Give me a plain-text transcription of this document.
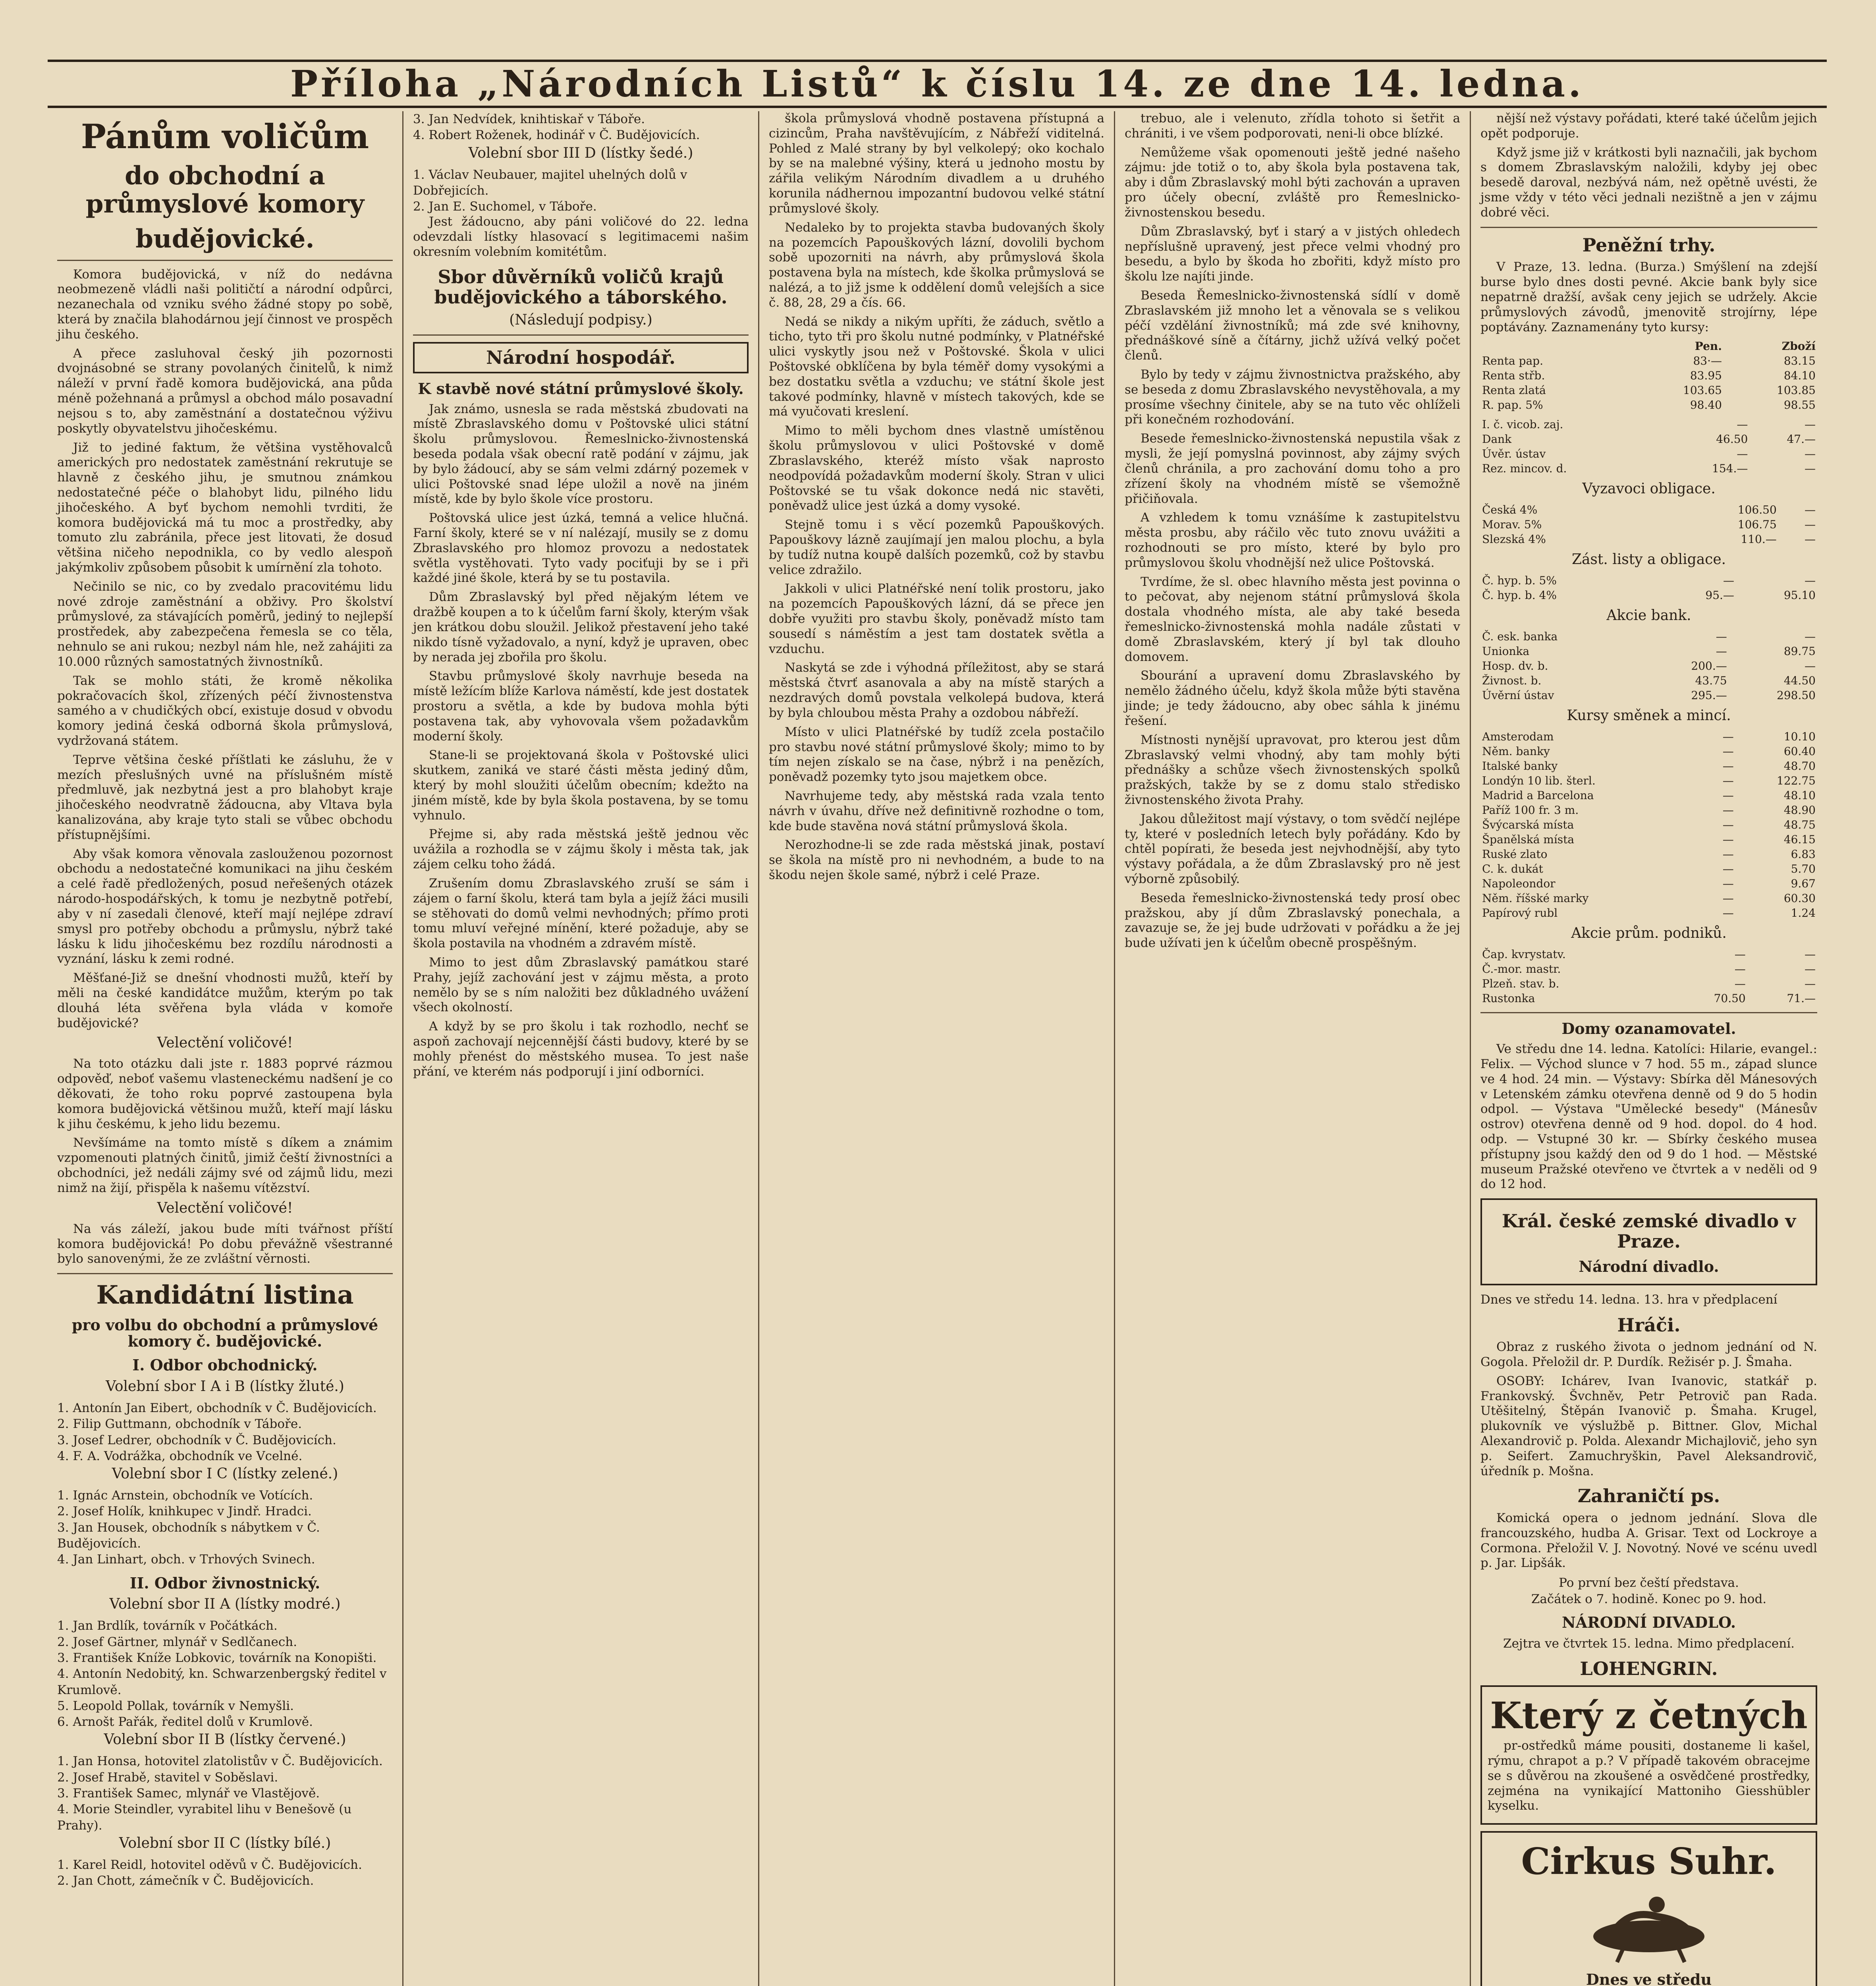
Příloha „Národních Listů“ k číslu 14. ze dne 14. ledna.
Pánům voličům
do obchodní a průmyslové komory
budějovické.

Komora budějovická, v níž do nedávna neobmezeně vládli naši političtí a národní odpůrci, nezanechala od vzniku svého žádné stopy po sobě, která by značila blahodárnou její činnost ve prospěch jihu českého.

A přece zasluhoval český jih pozornosti dvojnásobné se strany povolaných činitelů, k nimž náleží v první řadě komora budějovická, ana půda méně požehnaná a průmysl a obchod málo posavadní nejsou s to, aby zaměstnání a dostatečnou výživu poskytly obyvatelstvu jihočeskému.

Již to jediné faktum, že většina vystěhovalců amerických pro nedostatek zaměstnání rekrutuje se hlavně z českého jihu, je smutnou známkou nedostatečné péče o blahobyt lidu, pilného lidu jihočeského. A byť bychom nemohli tvrditi, že komora budějovická má tu moc a prostředky, aby tomuto zlu zabránila, přece jest litovati, že dosud většina ničeho nepodnikla, co by vedlo alespoň jakýmkoliv způsobem působit k umírnění zla tohoto.

Nečinilo se nic, co by zvedalo pracovitému lidu nové zdroje zaměstnání a obživy. Pro školství průmyslové, za stávajících poměrů, jediný to nejlepší prostředek, aby zabezpečena řemesla se co těla, nehnulo se ani rukou; nezbyl nám hle, než zahájiti za 10.000 různých samostatných živnostníků.

Tak se mohlo státi, že kromě několika pokračovacích škol, zřízených péčí živnostenstva samého a v chudičkých obcí, existuje dosud v obvodu komory jediná česká odborná škola průmyslová, vydržovaná státem.

Teprve většina české příštlati ke zásluhu, že v mezích přeslušných uvné na příslušném místě předmluvě, jak nezbytná jest a pro blahobyt kraje jihočeského neodvratně žádoucna, aby Vltava byla kanalizována, aby kraje tyto stali se vůbec obchodu přístupnějšími.

Aby však komora věnovala zaslouženou pozornost obchodu a nedostatečné komunikaci na jihu českém a celé řadě předložených, posud neřešených otázek národo-hospodářských, k tomu je nezbytně potřebí, aby v ní zasedali členové, kteří mají nejlépe zdraví smysl pro potřeby obchodu a průmyslu, nýbrž také lásku k lidu jihočeskému bez rozdílu národnosti a vyznání, lásku k zemi rodné.

Měšťané-Již se dnešní vhodnosti mužů, kteří by měli na české kandidátce mužům, kterým po tak dlouhá léta svěřena byla vláda v komoře budějovické?

Velectění voličové!

Na toto otázku dali jste r. 1883 poprvé rázmou odpověď, neboť vašemu vlasteneckému nadšení je co děkovati, že toho roku poprvé zastoupena byla komora budějovická většinou mužů, kteří mají lásku k jihu českému, k jeho lidu bezemu.

Nevšímáme na tomto místě s díkem a známim vzpomenouti platných činitů, jimiž čeští živnostníci a obchodníci, jež nedáli zájmy své od zájmů lidu, mezi nimž na žijí, přispěla k našemu vítězství.

Velectění voličové!

Na vás záleží, jakou bude míti tvářnost příští komora budějovická! Po dobu převážně všestranné bylo sanovenými, že ze zvláštní věrnosti.

Kandidátní listina
pro volbu do obchodní a průmyslové komory č. budějovické.
I. Odbor obchodnický.
Volební sbor I A i B (lístky žluté.)

1. Antonín Jan Eibert, obchodník v Č. Budějovicích.

2. Filip Guttmann, obchodník v Táboře.

3. Josef Ledrer, obchodník v Č. Budějovicích.

4. F. A. Vodrážka, obchodník ve Vcelné.

Volební sbor I C (lístky zelené.)

1. Ignác Arnstein, obchodník ve Votících.

2. Josef Holík, knihkupec v Jindř. Hradci.

3. Jan Housek, obchodník s nábytkem v Č. Budějovicích.

4. Jan Linhart, obch. v Trhových Svinech.

II. Odbor živnostnický.
Volební sbor II A (lístky modré.)

1. Jan Brdlík, továrník v Počátkách.

2. Josef Gärtner, mlynář v Sedlčanech.

3. František Kníže Lobkovic, továrník na Konopišti.

4. Antonín Nedobitý, kn. Schwarzenbergský ředitel v Krumlově.

5. Leopold Pollak, továrník v Nemyšli.

6. Arnošt Pařák, ředitel dolů v Krumlově.

Volební sbor II B (lístky červené.)

1. Jan Honsa, hotovitel zlatolistův v Č. Budějovicích.

2. Josef Hrabě, stavitel v Soběslavi.

3. František Samec, mlynář ve Vlastějově.

4. Morie Steindler, vyrabitel lihu v Benešově (u Prahy).

Volební sbor II C (lístky bílé.)

1. Karel Reidl, hotovitel oděvů v Č. Budějovicích.

2. Jan Chott, zámečník v Č. Budějovicích.

3. Jan Nedvídek, knihtiskař v Táboře.

4. Robert Roženek, hodinář v Č. Budějovicích.

Volební sbor III D (lístky šedé.)

1. Václav Neubauer, majitel uhelných dolů v Dobřejicích.

2. Jan E. Suchomel, v Táboře.

Jest žádoucno, aby páni voličové do 22. ledna odevzdali lístky hlasovací s legitimacemi našim okresním volebním komitétům.

Sbor důvěrníků voličů krajů budějovického a táborského.
(Následují podpisy.)
Národní hospodář.
K stavbě nové státní průmyslové školy.

Jak známo, usnesla se rada městská zbudovati na místě Zbraslavského domu v Poštovské ulici státní školu průmyslovou. Řemeslnicko-živnostenská beseda podala však obecní ratě podání v zájmu, jak by bylo žádoucí, aby se sám velmi zdárný pozemek v ulici Poštovské snad lépe uložil a nově na jiném místě, kde by bylo škole více prostoru.

Poštovská ulice jest úzká, temná a velice hlučná. Farní školy, které se v ní nalézají, musily se z domu Zbraslavského pro hlomoz provozu a nedostatek světla vystěhovati. Tyto vady pociťuji by se i při každé jiné škole, která by se tu postavila.

Dům Zbraslavský byl před nějakým létem ve dražbě koupen a to k účelům farní školy, kterým však jen krátkou dobu sloužil. Jelikož přestavení jeho také nikdo tísně vyžadovalo, a nyní, když je upraven, obec by nerada jej zbořila pro školu.

Stavbu průmyslové školy navrhuje beseda na místě ležícím blíže Karlova náměstí, kde jest dostatek prostoru a světla, a kde by budova mohla býti postavena tak, aby vyhovovala všem požadavkům moderní školy.

Stane-li se projektovaná škola v Poštovské ulici skutkem, zaniká ve staré části města jediný dům, který by mohl sloužiti účelům obecním; kdežto na jiném místě, kde by byla škola postavena, by se tomu vyhnulo.

Přejme si, aby rada městská ještě jednou věc uvážila a rozhodla se v zájmu školy i města tak, jak zájem celku toho žádá.

Zrušením domu Zbraslavského zruší se sám i zájem o farní školu, která tam byla a jejíž žáci musili se stěhovati do domů velmi nevhodných; přímo proti tomu mluví veřejné mínění, které požaduje, aby se škola postavila na vhodném a zdravém místě.

Mimo to jest dům Zbraslavský památkou staré Prahy, jejíž zachování jest v zájmu města, a proto nemělo by se s ním naložiti bez důkladného uvážení všech okolností.

A když by se pro školu i tak rozhodlo, nechť se aspoň zachovají nejcennější části budovy, které by se mohly přenést do městského musea. To jest naše přání, ve kterém nás podporují i jiní odborníci.

škola průmyslová vhodně postavena přístupná a cizincům, Praha navštěvujícím, z Nábřeží viditelná. Pohled z Malé strany by byl velkolepý; oko kochalo by se na malebné výšiny, která u jednoho mostu by zářila velikým Národním divadlem a u druhého korunila nádhernou impozantní budovou velké státní průmyslové školy.

Nedaleko by to projekta stavba budovaných školy na pozemcích Papouškových lázní, dovolili bychom sobě upozorniti na návrh, aby průmyslová škola postavena byla na místech, kde školka průmyslová se nalézá, a to již jsme k oddělení domů velejších a sice č. 88, 28, 29 a čís. 66.

Nedá se nikdy a nikým upříti, že záduch, světlo a ticho, tyto tři pro školu nutné podmínky, v Platnéřské ulici vyskytly jsou než v Poštovské. Škola v ulici Poštovské obklíčena by byla téměř domy vysokými a bez dostatku světla a vzduchu; ve státní škole jest takové podmínky, hlavně v místech takových, kde se má vyučovati kreslení.

Mimo to měli bychom dnes vlastně umístěnou školu průmyslovou v ulici Poštovské v domě Zbraslavského, kteréž místo však naprosto neodpovídá požadavkům moderní školy. Stran v ulici Poštovské se tu však dokonce nedá nic stavěti, poněvadž ulice jest úzká a domy vysoké.

Stejně tomu i s věcí pozemků Papouškových. Papouškovy lázně zaujímají jen malou plochu, a byla by tudíž nutna koupě dalších pozemků, což by stavbu velice zdražilo.

Jakkoli v ulici Platnéřské není tolik prostoru, jako na pozemcích Papouškových lázní, dá se přece jen dobře využiti pro stavbu školy, poněvadž místo tam sousedí s náměstím a jest tam dostatek světla a vzduchu.

Naskytá se zde i výhodná příležitost, aby se stará městská čtvrť asanovala a aby na místě starých a nezdravých domů povstala velkolepá budova, která by byla chloubou města Prahy a ozdobou nábřeží.

Místo v ulici Platnéřské by tudíž zcela postačilo pro stavbu nové státní průmyslové školy; mimo to by tím nejen získalo se na čase, nýbrž i na penězích, poněvadž pozemky tyto jsou majetkem obce.

Navrhujeme tedy, aby městská rada vzala tento návrh v úvahu, dříve než definitivně rozhodne o tom, kde bude stavěna nová státní průmyslová škola.

Nerozhodne-li se zde rada městská jinak, postaví se škola na místě pro ni nevhodném, a bude to na škodu nejen škole samé, nýbrž i celé Praze.

trebuo, ale i velenuto, zřídla tohoto si šetřit a chrániti, i ve všem podporovati, neni-li obce blízké.

Nemůžeme však opomenouti ještě jedné našeho zájmu: jde totiž o to, aby škola byla postavena tak, aby i dům Zbraslavský mohl býti zachován a upraven pro účely obecní, zvláště pro Řemeslnicko-živnostenskou besedu.

Dům Zbraslavský, byť i starý a v jistých ohledech nepříslušně upravený, jest přece velmi vhodný pro besedu, a bylo by škoda ho zbořiti, když místo pro školu lze najíti jinde.

Beseda Řemeslnicko-živnostenská sídlí v domě Zbraslavském již mnoho let a věnovala se s velikou péčí vzdělání živnostníků; má zde své knihovny, přednáškové síně a čítárny, jichž užívá velký počet členů.

Bylo by tedy v zájmu živnostnictva pražského, aby se beseda z domu Zbraslavského nevystěhovala, a my prosíme všechny činitele, aby se na tuto věc ohlíželi při konečném rozhodování.

Besede řemeslnicko-živnostenská nepustila však z mysli, že její pomyslná povinnost, aby zájmy svých členů chránila, a pro zachování domu toho a pro zřízení školy na vhodném místě se všemožně přičiňovala.

A vzhledem k tomu vznášíme k zastupitelstvu města prosbu, aby ráčilo věc tuto znovu uvážiti a rozhodnouti se pro místo, které by bylo pro průmyslovou školu vhodnější než ulice Poštovská.

Tvrdíme, že sl. obec hlavního města jest povinna o to pečovat, aby nejenom státní průmyslová škola dostala vhodného místa, ale aby také beseda řemeslnicko-živnostenská mohla nadále zůstati v domě Zbraslavském, který jí byl tak dlouho domovem.

Sbourání a upravení domu Zbraslavského by nemělo žádného účelu, když škola může býti stavěna jinde; je tedy žádoucno, aby obec sáhla k jinému řešení.

Místnosti nynější upravovat, pro kterou jest dům Zbraslavský velmi vhodný, aby tam mohly býti přednášky a schůze všech živnostenských spolků pražských, takže by se z domu stalo středisko živnostenského života Prahy.

Jakou důležitost mají výstavy, o tom svědčí nejlépe ty, které v posledních letech byly pořádány. Kdo by chtěl popírati, že beseda jest nejvhodnější, aby tyto výstavy pořádala, a že dům Zbraslavský pro ně jest výborně způsobilý.

Beseda řemeslnicko-živnostenská tedy prosí obec pražskou, aby jí dům Zbraslavský ponechala, a zavazuje se, že jej bude udržovati v pořádku a že jej bude užívati jen k účelům obecně prospěšným.

nější než výstavy pořádati, které také účelům jejich opět podporuje.

Když jsme již v krátkosti byli naznačili, jak bychom s domem Zbraslavským naložili, kdyby jej obec besedě daroval, nezbývá nám, než opětně uvésti, že jsme vždy v této věci jednali nezištně a jen v zájmu dobré věci.

Peněžní trhy.

V Praze, 13. ledna. (Burza.) Smýšlení na zdejší burse bylo dnes dosti pevné. Akcie bank byly sice nepatrně dražší, avšak ceny jejich se udržely. Akcie průmyslových závodů, jmenovitě strojírny, lépe poptávány. Zaznamenány tyto kursy:

	Pen.	Zboží
Renta pap.	83·—	83.15
Renta střb.	83.95	84.10
Renta zlatá	103.65	103.85
R. pap. 5%	98.40	98.55
I. č. vicob. zaj.	—	—
Dank	46.50	47.—
Úvěr. ústav	—	—
Rez. mincov. d.	154.—	—
Vyzavoci obligace.
Česká 4%	106.50	—
Morav. 5%	106.75	—
Slezská 4%	110.—	—
Zást. listy a obligace.
Č. hyp. b. 5%	—	—
Č. hyp. b. 4%	95.—	95.10
Akcie bank.
Č. esk. banka	—	—
Unionka	—	89.75
Hosp. dv. b.	200.—	—
Živnost. b.	43.75	44.50
Úvěrní ústav	295.—	298.50
Kursy směnek a mincí.
Amsterodam	—	10.10
Něm. banky	—	60.40
Italské banky	—	48.70
Londýn 10 lib. šterl.	—	122.75
Madrid a Barcelona	—	48.10
Paříž 100 fr. 3 m.	—	48.90
Švýcarská místa	—	48.75
Španělská místa	—	46.15
Ruské zlato	—	6.83
C. k. dukát	—	5.70
Napoleondor	—	9.67
Něm. říšské marky	—	60.30
Papírový rubl	—	1.24
Akcie prům. podniků.
Čap. kvrystatv.	—	—
Č.-mor. mastr.	—	—
Plzeň. stav. b.	—	—
Rustonka	70.50	71.—
Domy ozanamovatel.

Ve středu dne 14. ledna. Katolíci: Hilarie, evangel.: Felix. — Východ slunce v 7 hod. 55 m., západ slunce ve 4 hod. 24 min. — Výstavy: Sbírka děl Mánesových v Letenském zámku otevřena denně od 9 do 5 hodin odpol. — Výstava "Umělecké besedy" (Mánesův ostrov) otevřena denně od 9 hod. dopol. do 4 hod. odp. — Vstupné 30 kr. — Sbírky českého musea přístupny jsou každý den od 9 do 1 hod. — Městské museum Pražské otevřeno ve čtvrtek a v neděli od 9 do 12 hod.

Král. české zemské divadlo v Praze.
Národní divadlo.

Dnes ve středu 14. ledna. 13. hra v předplacení

Hráči.

Obraz z ruského života o jednom jednání od N. Gogola. Přeložil dr. P. Durdík. Režisér p. J. Šmaha.

OSOBY: Ichárev, Ivan Ivanovic, statkář p. Frankovský. Švchněv, Petr Petrovič pan Rada. Utěšitelný, Štěpán Ivanovič p. Šmaha. Krugel, plukovník ve výslužbě p. Bittner. Glov, Michal Alexandrovič p. Polda. Alexandr Michajlovič, jeho syn p. Seifert. Zamuchryškin, Pavel Aleksandrovič, úředník p. Mošna.

Zahraničtí ps.

Komická opera o jednom jednání. Slova dle francouzského, hudba A. Grisar. Text od Lockroye a Cormona. Přeložil V. J. Novotný. Nové ve scénu uvedl p. Jar. Lipšák.

Po první bez čeští představa.

Začátek o 7. hodině. Konec po 9. hod.

NÁRODNÍ DIVADLO.

Zejtra ve čtvrtek 15. ledna. Mimo předplacení.

LOHENGRIN.
Který z četných

pr-ostředků máme pousiti, dostaneme li kašel, rýmu, chrapot a p.? V případě takovém obracejme se s důvěrou na zkoušené a osvědčené prostředky, zejména na vynikající Mattoniho Giesshübler kyselku.

Cirkus Suhr.
Dnes ve středu
